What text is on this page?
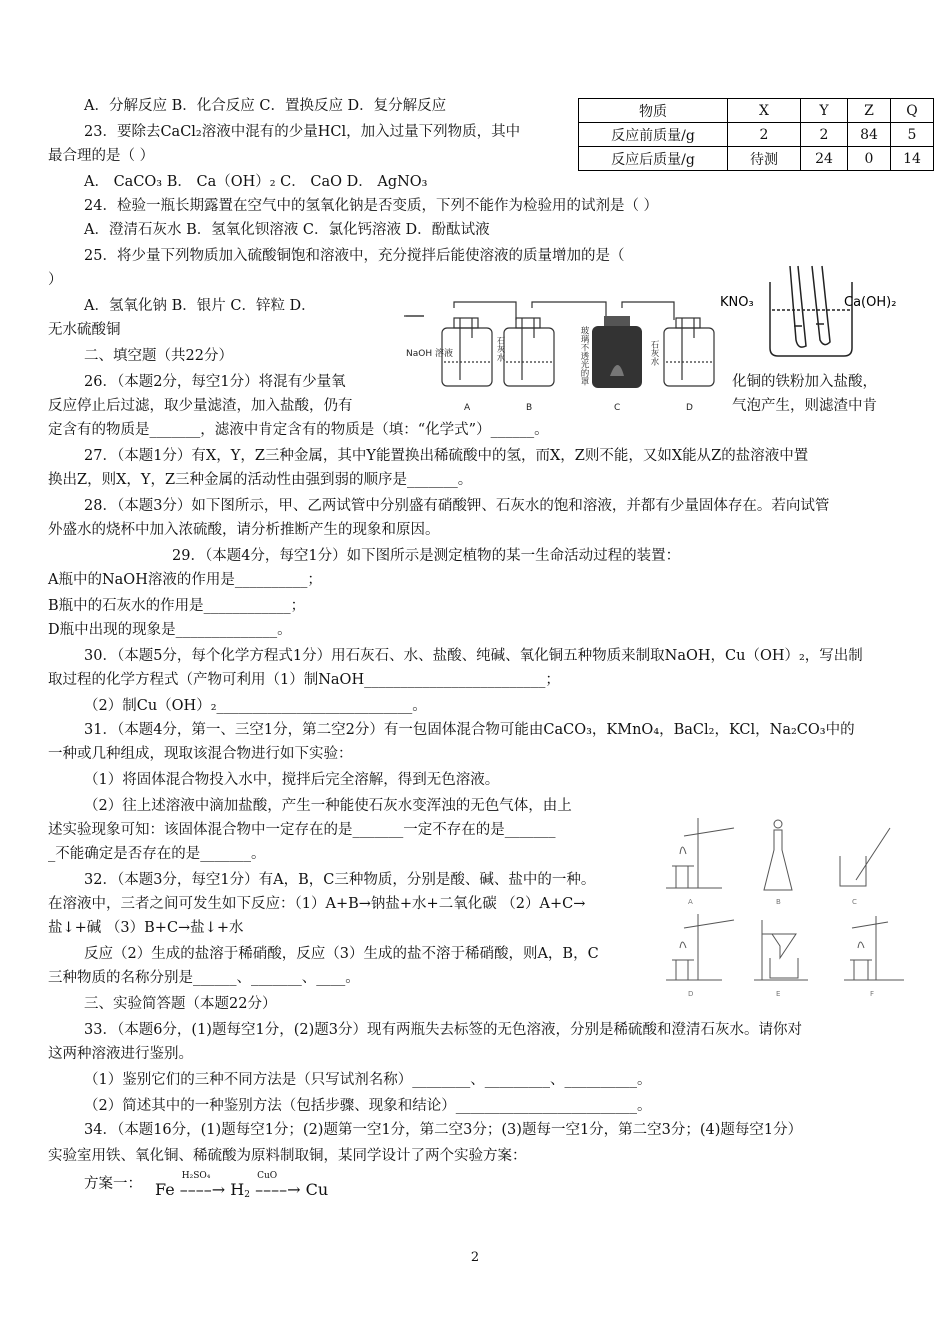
A．分解反应 B．化合反应 C．置换反应 D．复分解反应
23．要除去CaCl₂溶液中混有的少量HCl，加入过量下列物质，其中
最合理的是（ ）
A． CaCO₃ B． Ca（OH）₂ C． CaO D． AgNO₃
24．检验一瓶长期露置在空气中的氢氧化钠是否变质，下列不能作为检验用的试剂是（ ）
A．澄清石灰水 B．氢氧化钡溶液 C．氯化钙溶液 D．酚酞试液
25．将少量下列物质加入硫酸铜饱和溶液中，充分搅拌后能使溶液的质量增加的是（
）
A．氢氧化钠 B．银片 C．锌粒 D．
无水硫酸铜
二、填空题（共22分）
26．（本题2分，每空1分）将混有少量氧	化铜的铁粉加入盐酸，
反应停止后过滤，取少量滤渣，加入盐酸，仍有	气泡产生，则滤渣中肯
定含有的物质是_______，滤液中肯定含有的物质是（填：“化学式”）______。
27．（本题1分）有X，Y，Z三种金属，其中Y能置换出稀硫酸中的氢，而X，Z则不能，又如X能从Z的盐溶液中置
换出Z，则X，Y，Z三种金属的活动性由强到弱的顺序是_______。
28．（本题3分）如下图所示，甲、乙两试管中分别盛有硝酸钾、石灰水的饱和溶液，并都有少量固体存在。若向试管
外盛水的烧杯中加入浓硫酸，请分析推断产生的现象和原因。
29．（本题4分，每空1分）如下图所示是测定植物的某一生命活动过程的装置：
A瓶中的NaOH溶液的作用是__________；
B瓶中的石灰水的作用是____________；
D瓶中出现的现象是______________。
30．（本题5分，每个化学方程式1分）用石灰石、水、盐酸、纯碱、氧化铜五种物质来制取NaOH，Cu（OH）₂，写出制
取过程的化学方程式（产物可利用（1）制NaOH_________________________；
（2）制Cu（OH）₂___________________________。
31．（本题4分，第一、三空1分，第二空2分）有一包固体混合物可能由CaCO₃，KMnO₄，BaCl₂，KCl，Na₂CO₃中的
一种或几种组成，现取该混合物进行如下实验：
（1）将固体混合物投入水中，搅拌后完全溶解，得到无色溶液。
（2）往上述溶液中滴加盐酸，产生一种能使石灰水变浑浊的无色气体，由上
述实验现象可知：该固体混合物中一定存在的是_______一定不存在的是_______
_不能确定是否存在的是_______。
32．（本题3分，每空1分）有A，B，C三种物质，分别是酸、碱、盐中的一种。
在溶液中，三者之间可发生如下反应：（1）A+B→钠盐+水+二氧化碳 （2）A+C→
盐↓+碱 （3）B+C→盐↓+水
反应（2）生成的盐溶于稀硝酸，反应（3）生成的盐不溶于稀硝酸，则A，B，C
三种物质的名称分别是______、_______、____。
三、实验简答题（本题22分）
33．（本题6分，(1)题每空1分，(2)题3分）现有两瓶失去标签的无色溶液，分别是稀硫酸和澄清石灰水。请你对
这两种溶液进行鉴别。
（1）鉴别它们的三种不同方法是（只写试剂名称）________、_________、__________。
（2）简述其中的一种鉴别方法（包括步骤、现象和结论）_________________________。
34．（本题16分，(1)题每空1分；(2)题第一空1分，第二空3分；(3)题每一空1分，第二空3分；(4)题每空1分）
实验室用铁、氧化铜、稀硫酸为原料制取铜，某同学设计了两个实验方案：
方案一：
物质	X	Y	Z	Q
反应前质量/g	2	2	84	5
反应后质量/g	待测	24	0	14
NaOH 溶液
A	B	C	D
石灰水	玻璃不透光的罩	石灰水
KNO₃	Ca(OH)₂
A	B	C
D	E	F
Fe
H₂SO₄
––––→ $H_2$
CuO
––––→ Cu
2
